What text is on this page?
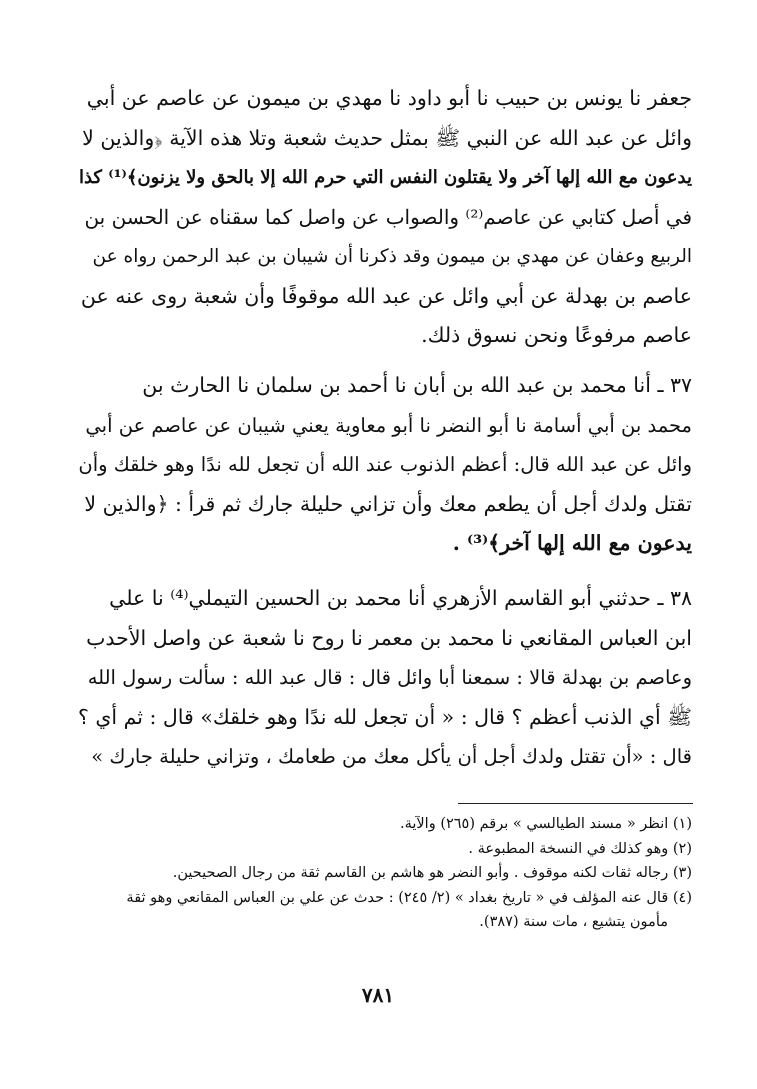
جعفر نا يونس بن حبيب نا أبو داود نا مهدي بن ميمون عن عاصم عن أبي
وائل عن عبد الله عن النبي ﷺ بمثل حديث شعبة وتلا هذه الآية ﴿والذين لا
يدعون مع الله إلها آخر ولا يقتلون النفس التي حرم الله إلا بالحق ولا يزنون﴾⁽¹⁾ كذا
في أصل كتابي عن عاصم⁽²⁾ والصواب عن واصل كما سقناه عن الحسن بن
الربيع وعفان عن مهدي بن ميمون وقد ذكرنا أن شيبان بن عبد الرحمن رواه عن
عاصم بن بهدلة عن أبي وائل عن عبد الله موقوفًا وأن شعبة روى عنه عن
عاصم مرفوعًا ونحن نسوق ذلك.
٣٧ ـ أنا محمد بن عبد الله بن أبان نا أحمد بن سلمان نا الحارث بن
محمد بن أبي أسامة نا أبو النضر نا أبو معاوية يعني شيبان عن عاصم عن أبي
وائل عن عبد الله قال: أعظم الذنوب عند الله أن تجعل لله ندًا وهو خلقك وأن
تقتل ولدك أجل أن يطعم معك وأن تزاني حليلة جارك ثم قرأ : ﴿والذين لا
يدعون مع الله إلها آخر﴾⁽³⁾ .
٣٨ ـ حدثني أبو القاسم الأزهري أنا محمد بن الحسين التيملي⁽⁴⁾ نا علي
ابن العباس المقانعي نا محمد بن معمر نا روح نا شعبة عن واصل الأحدب
وعاصم بن بهدلة قالا : سمعنا أبا وائل قال : قال عبد الله : سألت رسول الله
ﷺ أي الذنب أعظم ؟ قال : « أن تجعل لله ندًا وهو خلقك» قال : ثم أي ؟
قال : «أن تقتل ولدك أجل أن يأكل معك من طعامك ، وتزاني حليلة جارك »
(١) انظر « مسند الطيالسي » برقم (٢٦٥) والآية.
(٢) وهو كذلك في النسخة المطبوعة .
(٣) رجاله ثقات لكنه موقوف . وأبو النضر هو هاشم بن القاسم ثقة من رجال الصحيحين.
(٤) قال عنه المؤلف في « تاريخ بغداد » (٢/ ٢٤٥) : حدث عن علي بن العباس المقانعي وهو ثقة
مأمون يتشيع ، مات سنة (٣٨٧).
٧٨١
